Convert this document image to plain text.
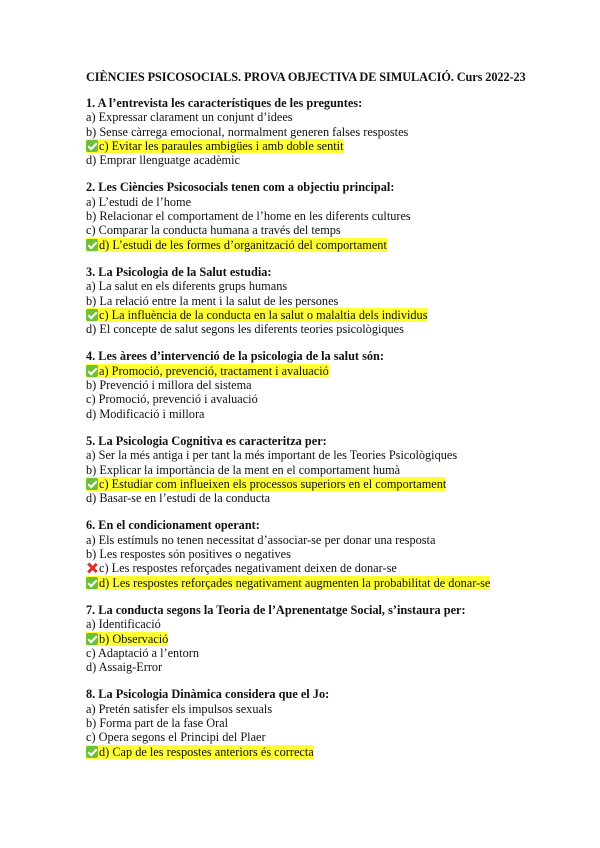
CIÈNCIES PSICOSOCIALS. PROVA OBJECTIVA DE SIMULACIÓ. Curs 2022-23
1. A l’entrevista les característiques de les preguntes:
a) Expressar clarament un conjunt d’idees
b) Sense càrrega emocional, normalment generen falses respostes
c) Evitar les paraules ambigües i amb doble sentit
d) Emprar llenguatge acadèmic
2. Les Ciències Psicosocials tenen com a objectiu principal:
a) L’estudi de l’home
b) Relacionar el comportament de l’home en les diferents cultures
c) Comparar la conducta humana a través del temps
d) L’estudi de les formes d’organització del comportament
3. La Psicologia de la Salut estudia:
a) La salut en els diferents grups humans
b) La relació entre la ment i la salut de les persones
c) La influència de la conducta en la salut o malaltia dels individus
d) El concepte de salut segons les diferents teories psicològiques
4. Les àrees d’intervenció de la psicologia de la salut són:
a) Promoció, prevenció, tractament i avaluació
b) Prevenció i millora del sistema
c) Promoció, prevenció i avaluació
d) Modificació i millora
5. La Psicologia Cognitiva es caracteritza per:
a) Ser la més antiga i per tant la més important de les Teories Psicològiques
b) Explicar la importància de la ment en el comportament humà
c) Estudiar com influeixen els processos superiors en el comportament
d) Basar-se en l’estudi de la conducta
6. En el condicionament operant:
a) Els estímuls no tenen necessitat d’associar-se per donar una resposta
b) Les respostes són positives o negatives
c) Les respostes reforçades negativament deixen de donar-se
d) Les respostes reforçades negativament augmenten la probabilitat de donar-se
7. La conducta segons la Teoria de l’Aprenentatge Social, s’instaura per:
a) Identificació
b) Observació
c) Adaptació a l’entorn
d) Assaig-Error
8. La Psicologia Dinàmica considera que el Jo:
a) Pretén satisfer els impulsos sexuals
b) Forma part de la fase Oral
c) Opera segons el Principi del Plaer
d) Cap de les respostes anteriors és correcta
